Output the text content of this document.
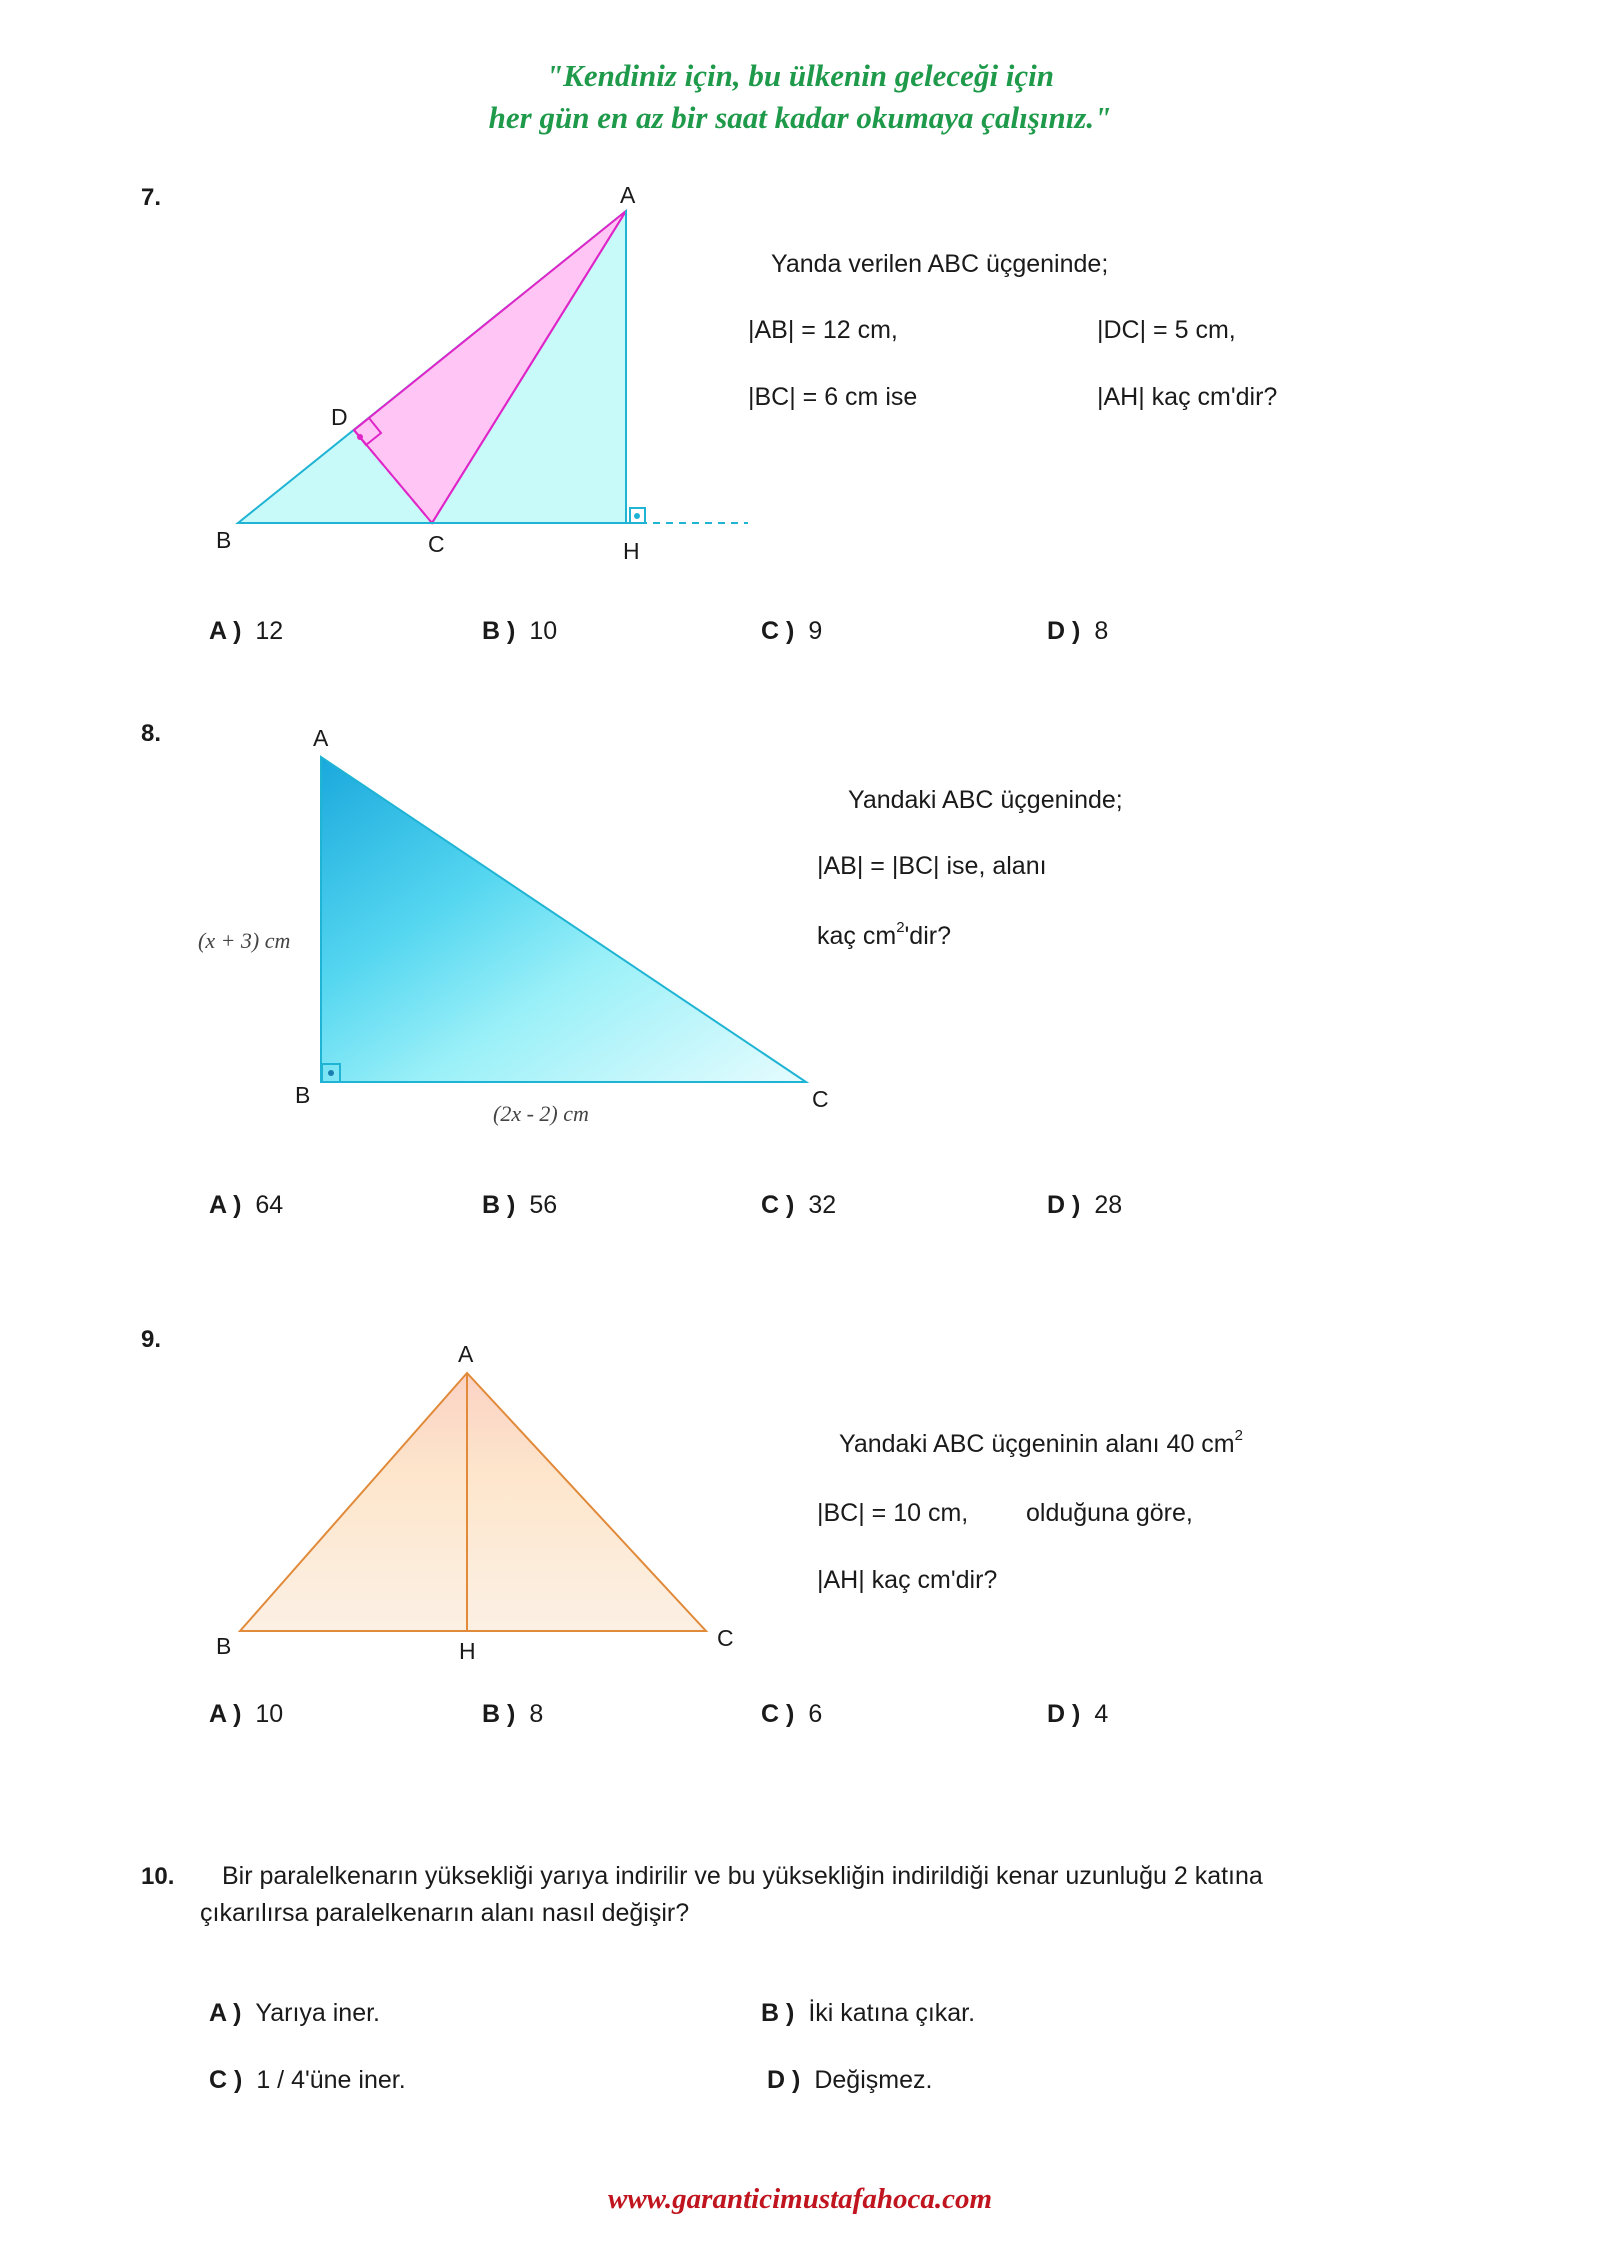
"Kendiniz için, bu ülkenin geleceği için
her gün en az bir saat kadar okumaya çalışınız."
7.	A
B	C
D
H
Yanda verilen ABC üçgeninde;
|AB| = 12 cm,	|DC| = 5 cm,
|BC| = 6 cm ise	|AH| kaç cm'dir?
A ) 12	B ) 10	C ) 9	D ) 8
8.	A
B	C
(x + 3) cm
(2x - 2) cm
Yandaki ABC üçgeninde;
|AB| = |BC| ise, alanı
kaç $cm^2'dir$?
A ) 64	B ) 56	C ) 32	D ) 28
9.
A
B	C
H
Yandaki ABC üçgeninin alanı 40 $cm^2$
|BC| = 10 cm, olduğuna göre,
|AH| kaç cm'dir?
A ) 10	B ) 8	C ) 6	D ) 4
10. Bir paralelkenarın yüksekliği yarıya indirilir ve bu yüksekliğin indirildiği kenar uzunluğu 2 katına
çıkarılırsa paralelkenarın alanı nasıl değişir?
A ) Yarıya iner.	B ) İki katına çıkar.
C ) 1 / 4'üne iner.	D ) Değişmez.
www.garanticimustafahoca.com
